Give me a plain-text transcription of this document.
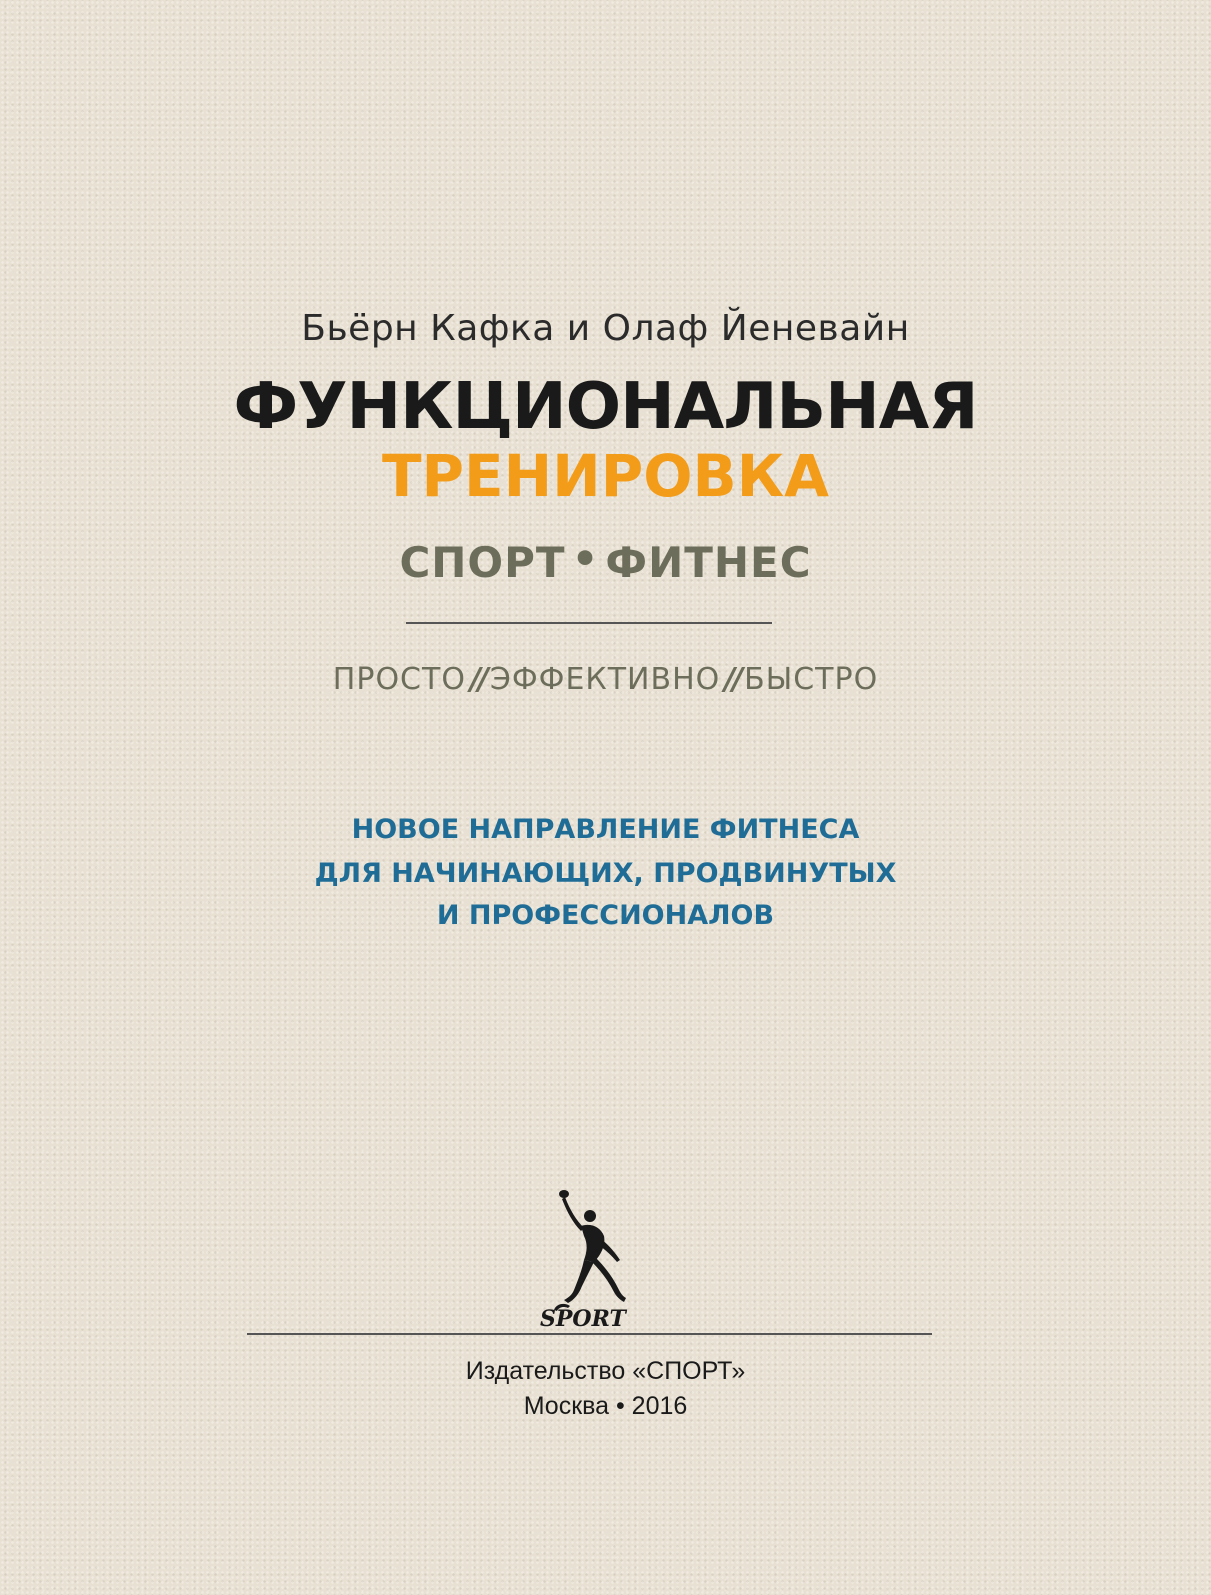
Бьёрн Кафка и Олаф Йеневайн
ФУНКЦИОНАЛЬНАЯ
ТРЕНИРОВКА
СПОРТ • ФИТНЕС
ПРОСТО // ЭФФЕКТИВНО // БЫСТРО
НОВОЕ НАПРАВЛЕНИЕ ФИТНЕСА
ДЛЯ НАЧИНАЮЩИХ, ПРОДВИНУТЫХ
И ПРОФЕССИОНАЛОВ
SPORT
Издательство «СПОРТ»
Москва • 2016
